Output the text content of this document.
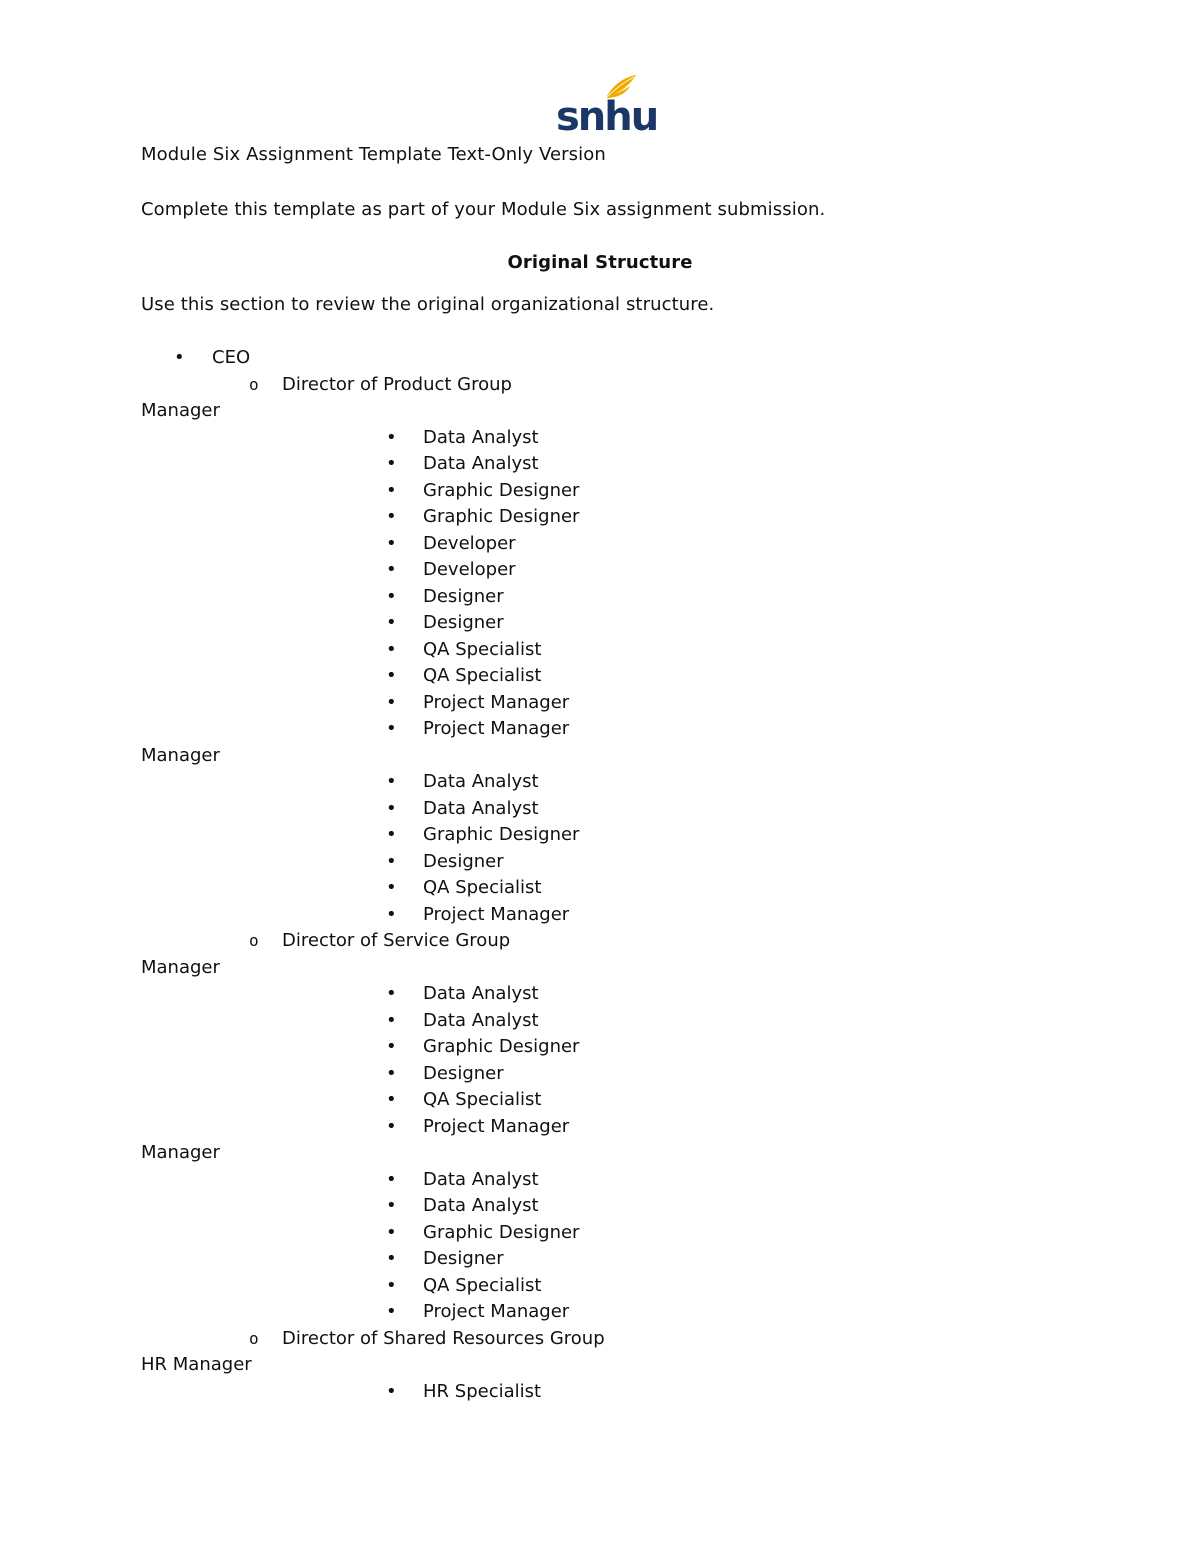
snhu
Module Six Assignment Template Text-Only Version
Complete this template as part of your Module Six assignment submission.
Original Structure
Use this section to review the original organizational structure.
• CEO
o Director of Product Group
Manager
• Data Analyst
• Data Analyst
• Graphic Designer
• Graphic Designer
• Developer
• Developer
• Designer
• Designer
• QA Specialist
• QA Specialist
• Project Manager
• Project Manager
Manager
• Data Analyst
• Data Analyst
• Graphic Designer
• Designer
• QA Specialist
• Project Manager
o Director of Service Group
Manager
• Data Analyst
• Data Analyst
• Graphic Designer
• Designer
• QA Specialist
• Project Manager
Manager
• Data Analyst
• Data Analyst
• Graphic Designer
• Designer
• QA Specialist
• Project Manager
o Director of Shared Resources Group
HR Manager
• HR Specialist
